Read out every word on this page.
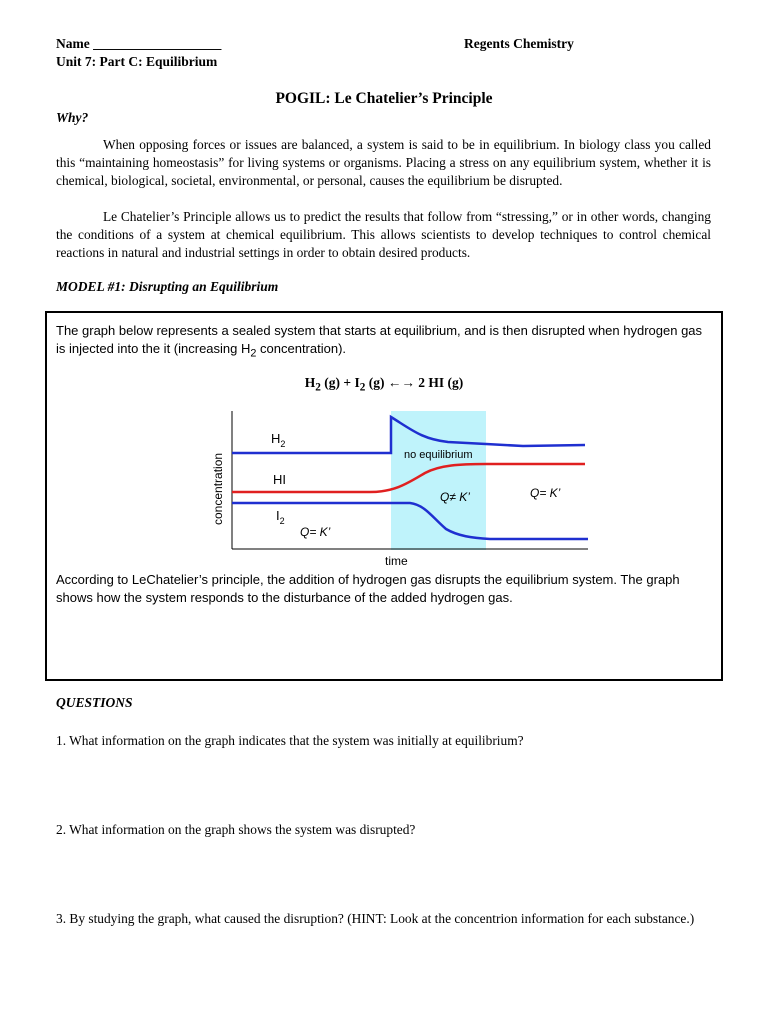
Name ___________________	Regents Chemistry
Unit 7: Part C: Equilibrium
POGIL: Le Chatelier’s Principle
Why?
When opposing forces or issues are balanced, a system is said to be in equilibrium. In biology class you called this “maintaining homeostasis” for living systems or organisms. Placing a stress on any equilibrium system, whether it is chemical, biological, societal, environmental, or personal, causes the equilibrium be disrupted.
Le Chatelier’s Principle allows us to predict the results that follow from “stressing,” or in other words, changing the conditions of a system at chemical equilibrium. This allows scientists to develop techniques to control chemical reactions in natural and industrial settings in order to obtain desired products.
MODEL #1: Disrupting an Equilibrium
The graph below represents a sealed system that starts at equilibrium, and is then disrupted when hydrogen gas is injected into the it (increasing $H_2$ concentration).
$H_2$ $(g) + I_2$ (g) ←→ 2 HI (g)
$H_2$
HI
$I_2$
no equilibrium
Q≠ K’	Q= K’
Q= K’
time
concentration
According to LeChatelier’s principle, the addition of hydrogen gas disrupts the equilibrium system. The graph shows how the system responds to the disturbance of the added hydrogen gas.
QUESTIONS
1. What information on the graph indicates that the system was initially at equilibrium?
2. What information on the graph shows the system was disrupted?
3. By studying the graph, what caused the disruption? (HINT: Look at the concentrion information for each substance.)
